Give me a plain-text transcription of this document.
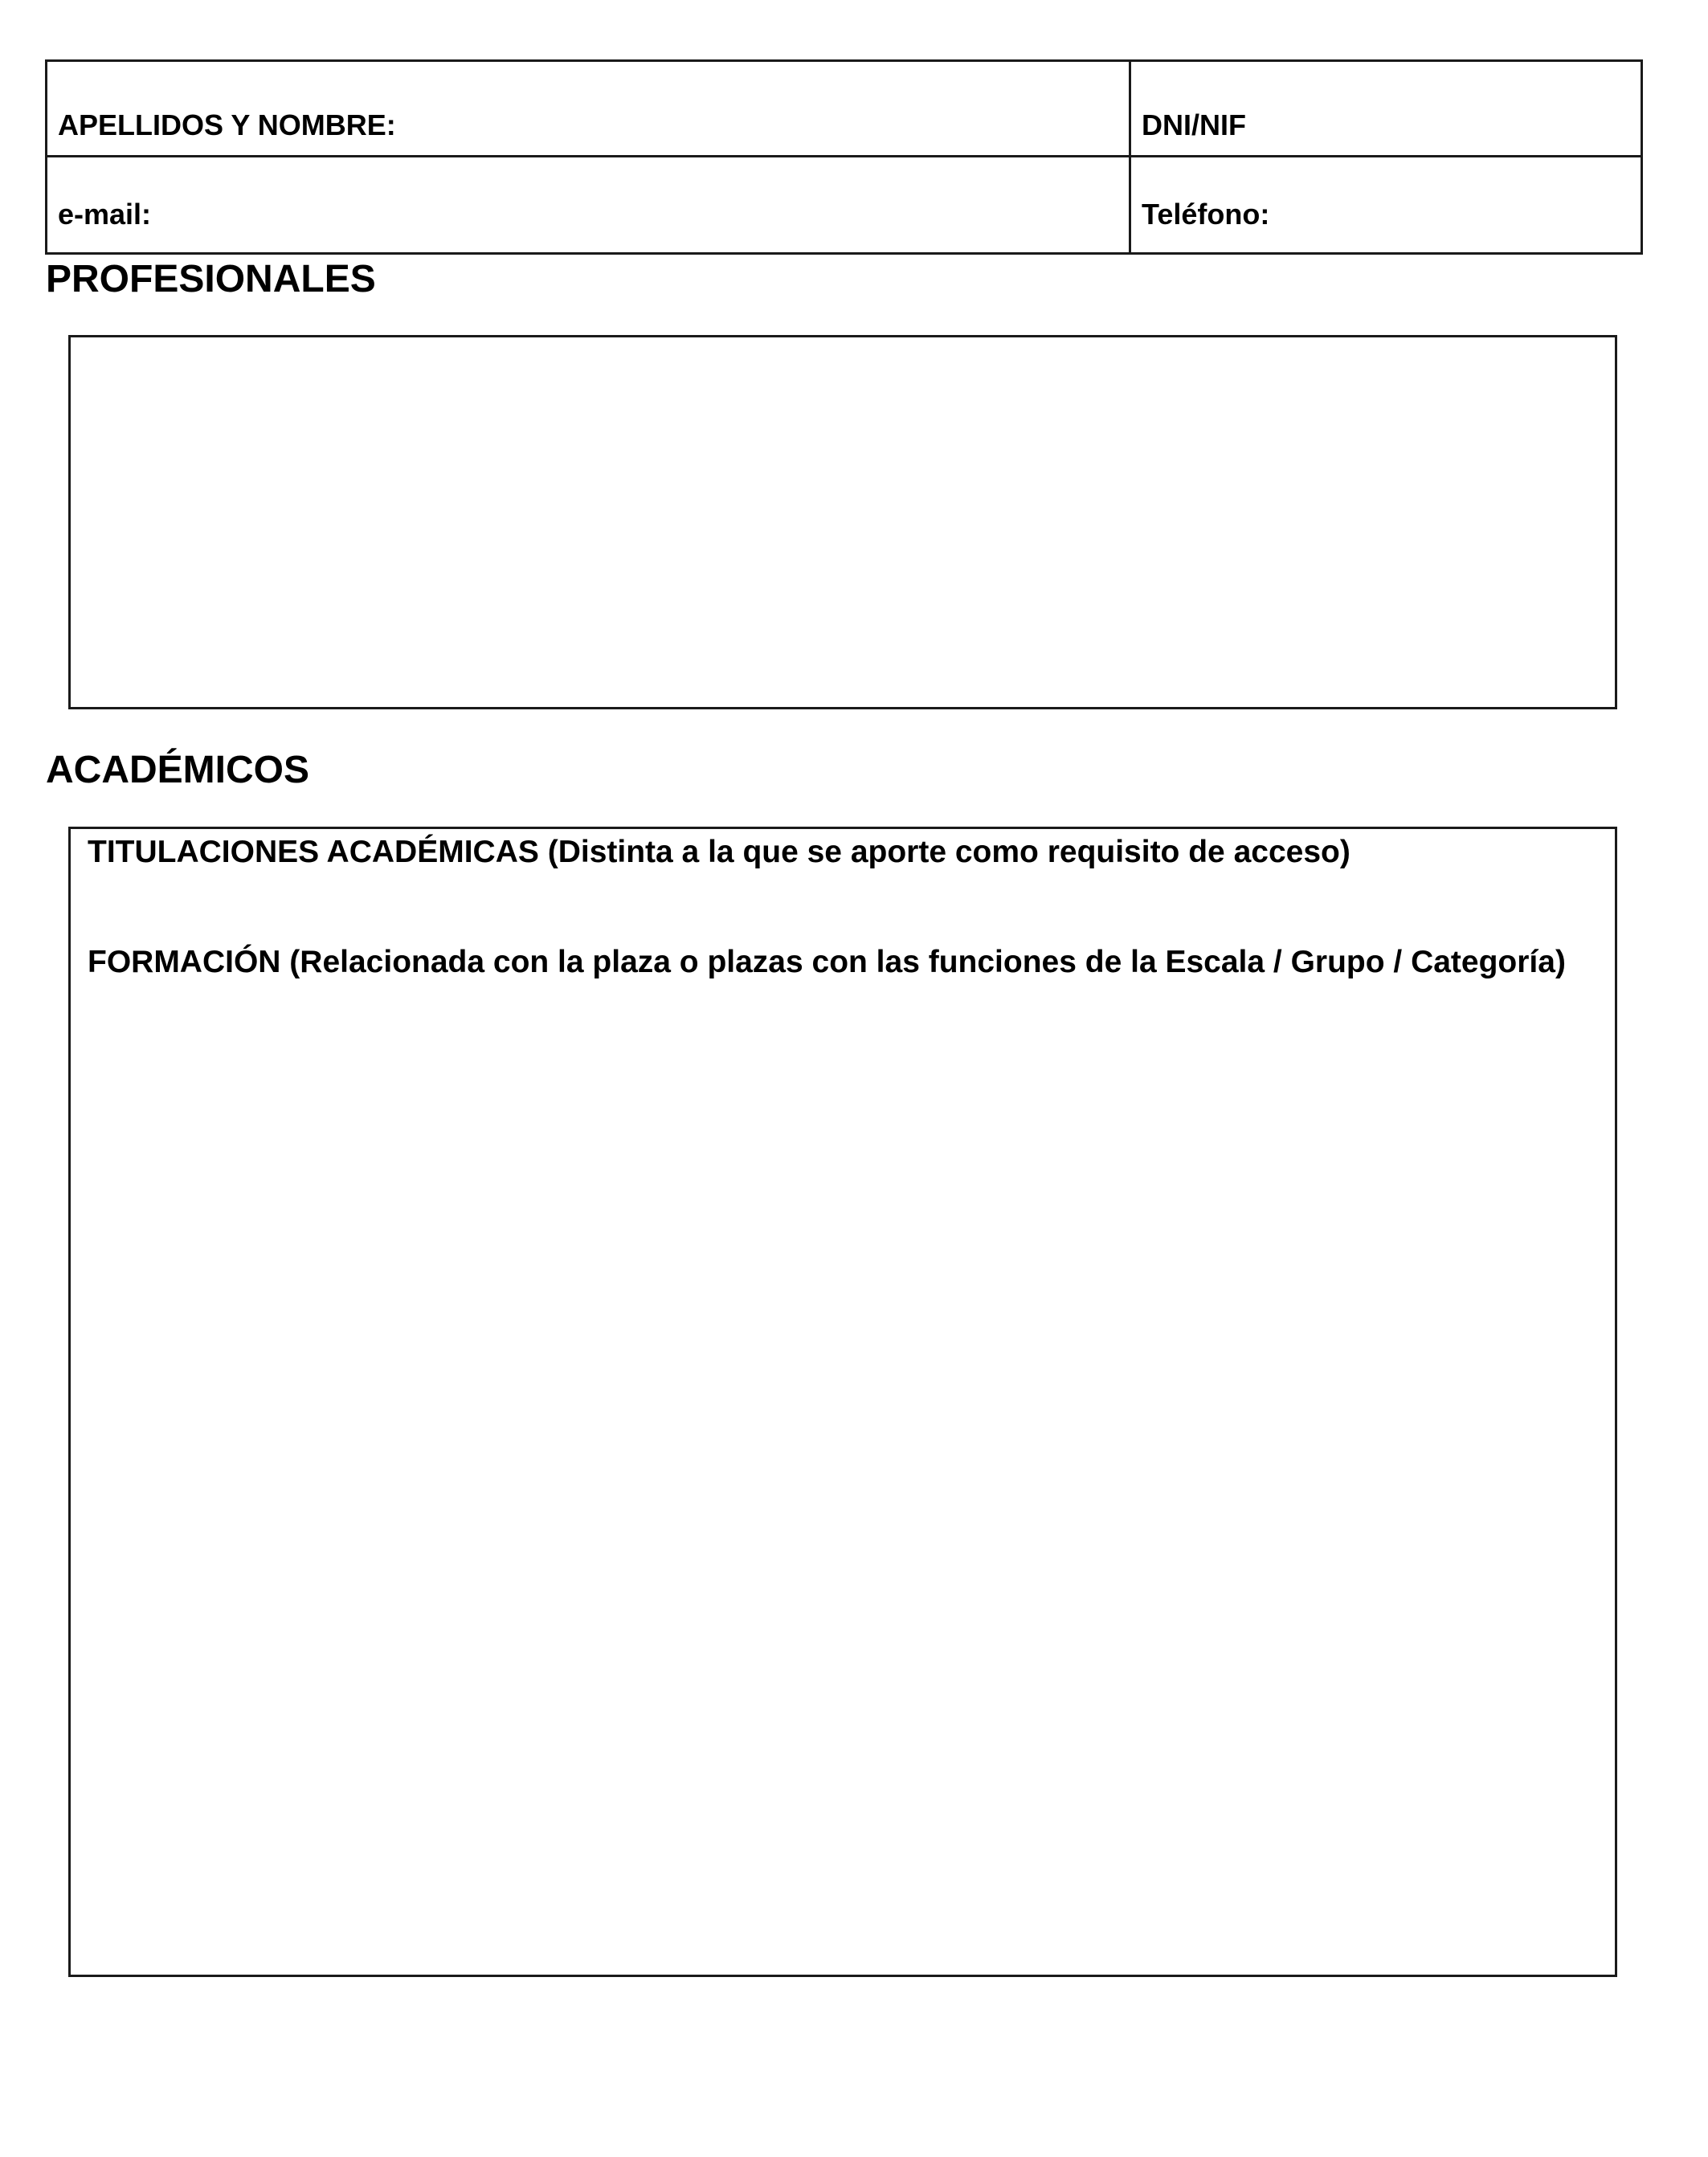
APELLIDOS Y NOMBRE:	DNI/NIF
e-mail:	Teléfono:
PROFESIONALES
ACADÉMICOS
TITULACIONES ACADÉMICAS (Distinta a la que se aporte como requisito de acceso)
FORMACIÓN (Relacionada con la plaza o plazas con las funciones de la Escala / Grupo / Categoría)
